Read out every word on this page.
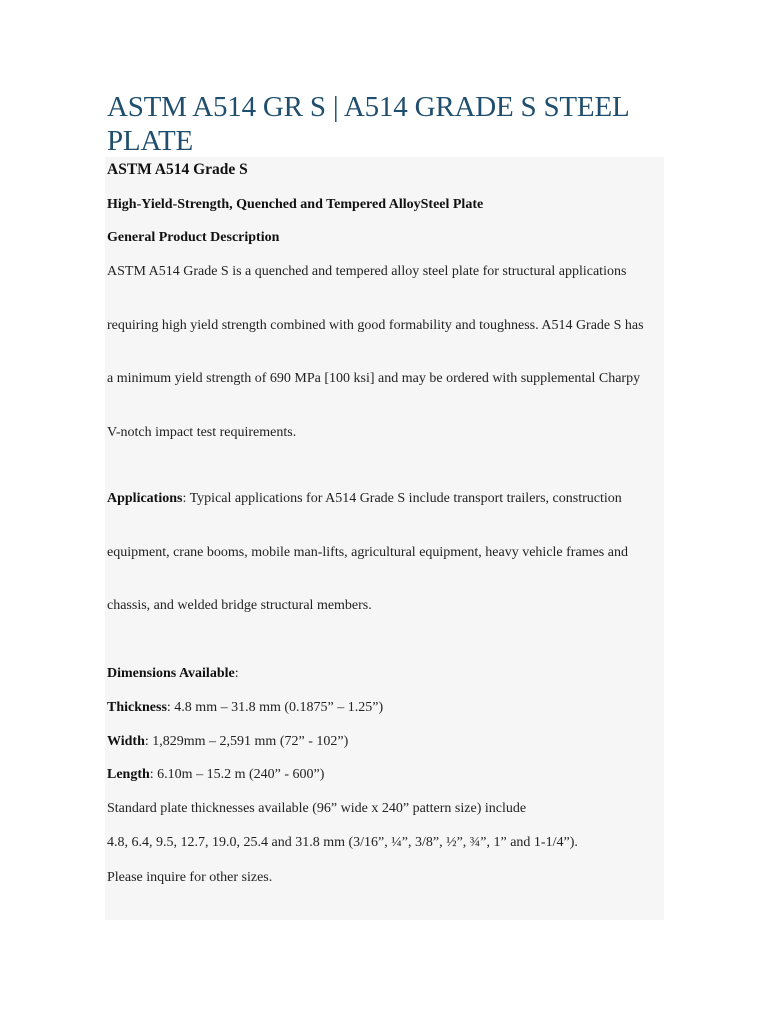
ASTM A514 GR S | A514 GRADE S STEEL PLATE
ASTM A514 Grade S
High-Yield-Strength, Quenched and Tempered AlloySteel Plate
General Product Description
ASTM A514 Grade S is a quenched and tempered alloy steel plate for structural applications
requiring high yield strength combined with good formability and toughness. A514 Grade S has
a minimum yield strength of 690 MPa [100 ksi] and may be ordered with supplemental Charpy
V-notch impact test requirements.
Applications: Typical applications for A514 Grade S include transport trailers, construction
equipment, crane booms, mobile man-lifts, agricultural equipment, heavy vehicle frames and
chassis, and welded bridge structural members.
Dimensions Available:
Thickness: 4.8 mm – 31.8 mm (0.1875” – 1.25”)
Width: 1,829mm – 2,591 mm (72” - 102”)
Length: 6.10m – 15.2 m (240” - 600”)
Standard plate thicknesses available (96” wide x 240” pattern size) include
4.8, 6.4, 9.5, 12.7, 19.0, 25.4 and 31.8 mm (3/16”, ¼”, 3/8”, ½”, ¾”, 1” and 1-1/4”).
Please inquire for other sizes.
